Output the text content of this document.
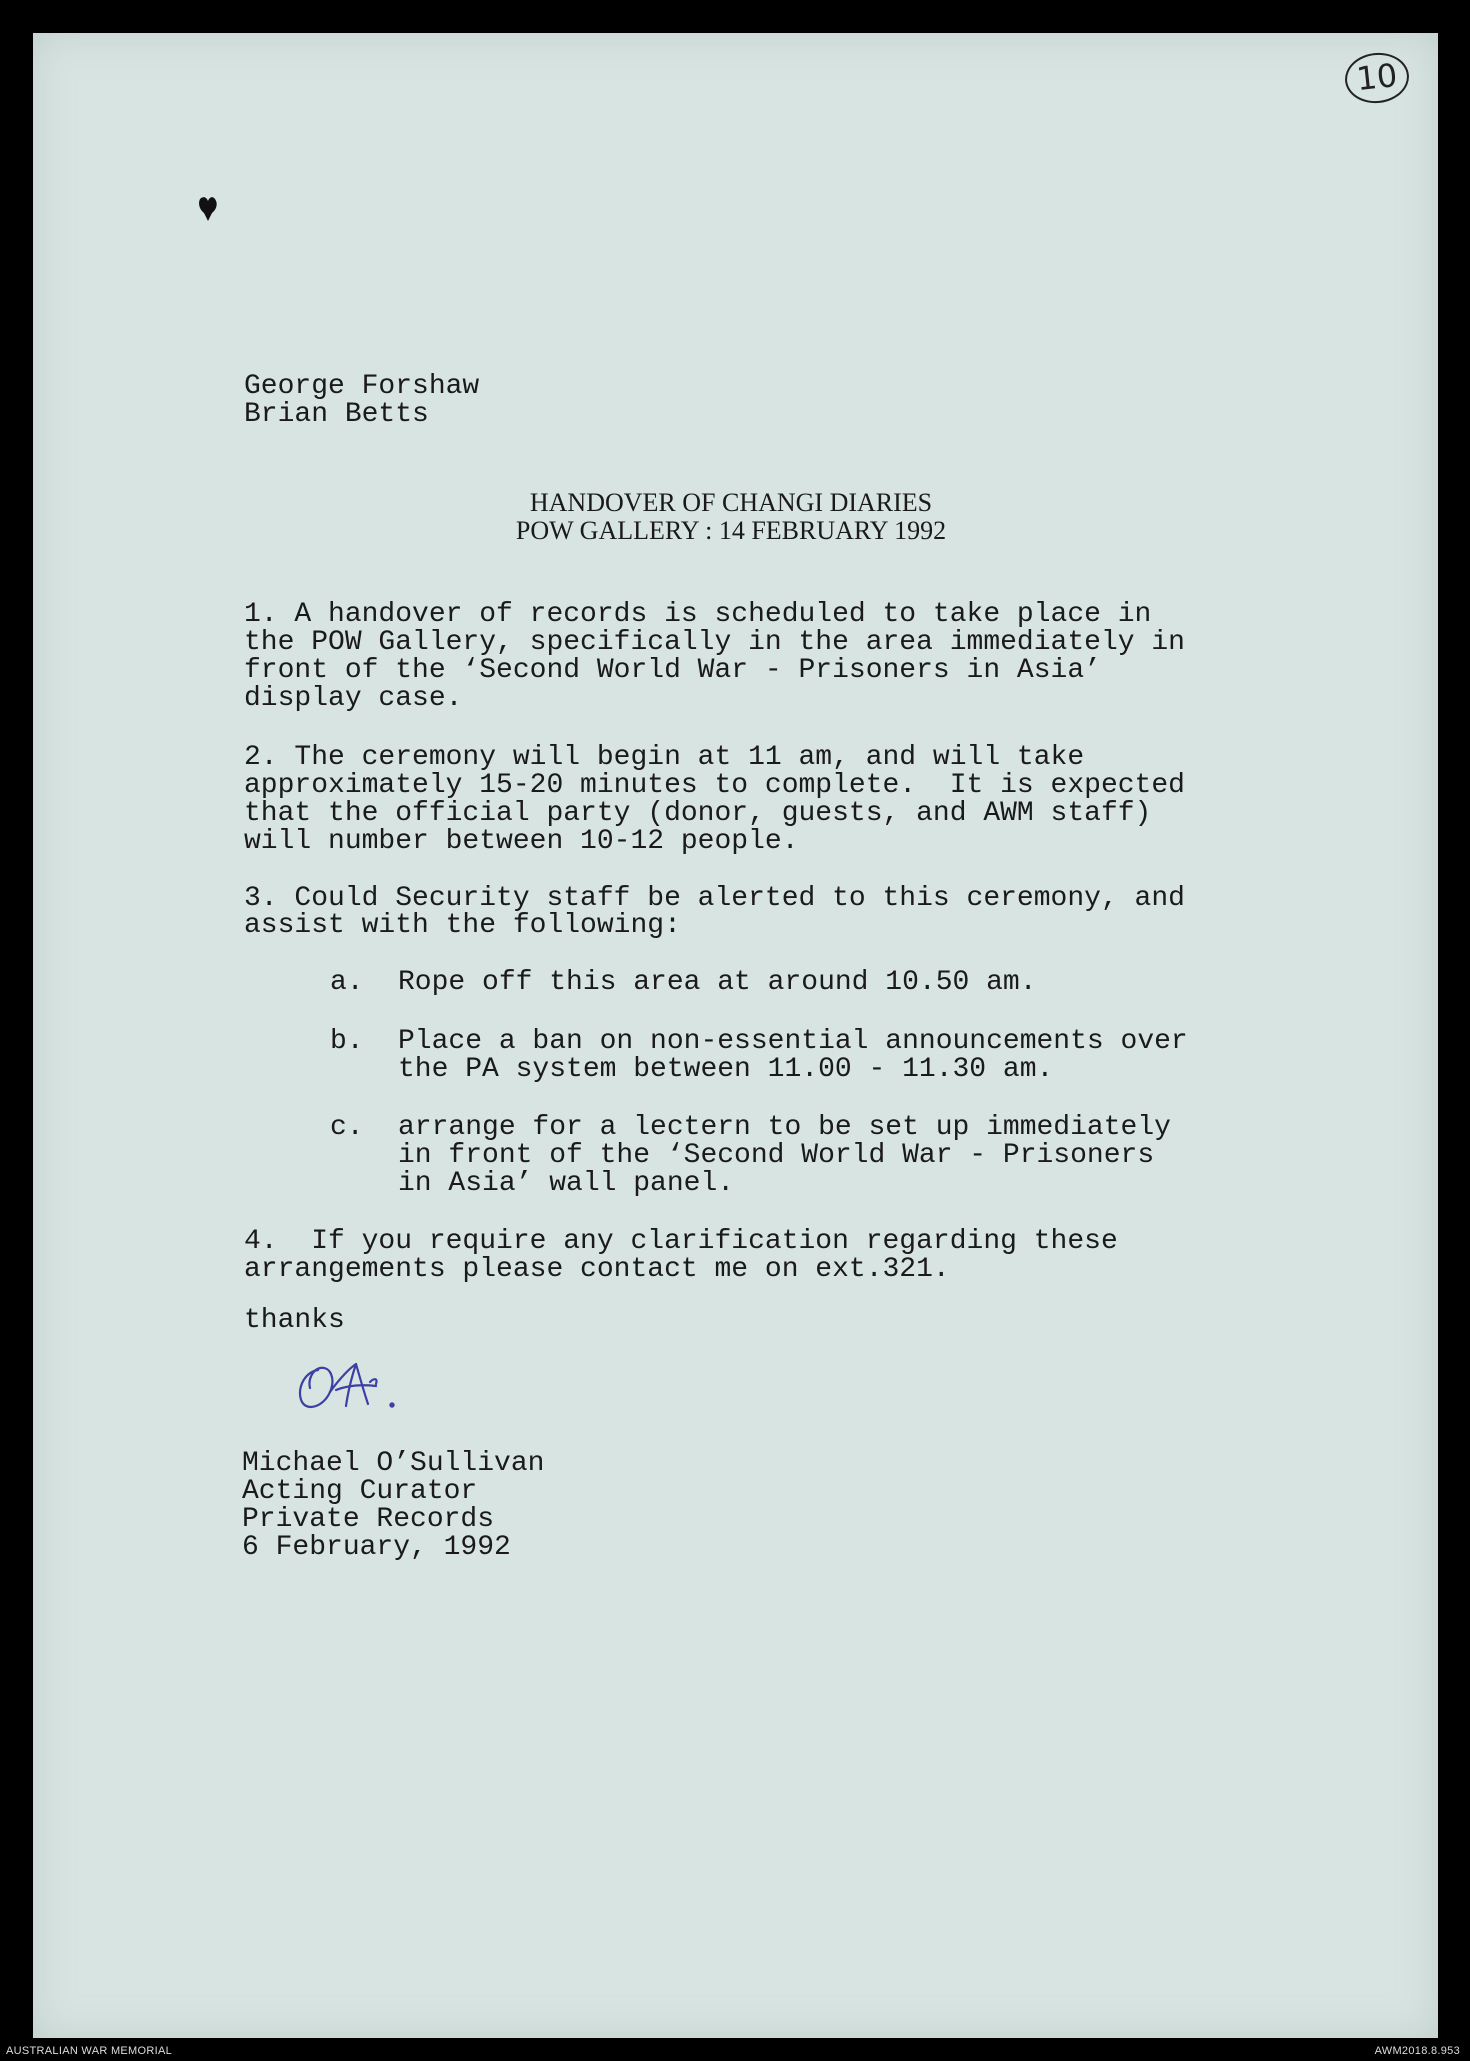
10
George Forshaw
Brian Betts
HANDOVER OF CHANGI DIARIES
POW GALLERY : 14 FEBRUARY 1992
1. A handover of records is scheduled to take place in
the POW Gallery, specifically in the area immediately in
front of the ‘Second World War - Prisoners in Asia’
display case.
2. The ceremony will begin at 11 am, and will take
approximately 15-20 minutes to complete.  It is expected
that the official party (donor, guests, and AWM staff)
will number between 10-12 people.
3. Could Security staff be alerted to this ceremony, and
assist with the following:
a. Rope off this area at around 10.50 am.
b. Place a ban on non-essential announcements over
the PA system between 11.00 - 11.30 am.
c. arrange for a lectern to be set up immediately
in front of the ‘Second World War - Prisoners
in Asia’ wall panel.
4.  If you require any clarification regarding these
arrangements please contact me on ext.321.
thanks
Michael O’Sullivan
Acting Curator
Private Records
6 February, 1992
AUSTRALIAN WAR MEMORIAL	AWM2018.8.953
